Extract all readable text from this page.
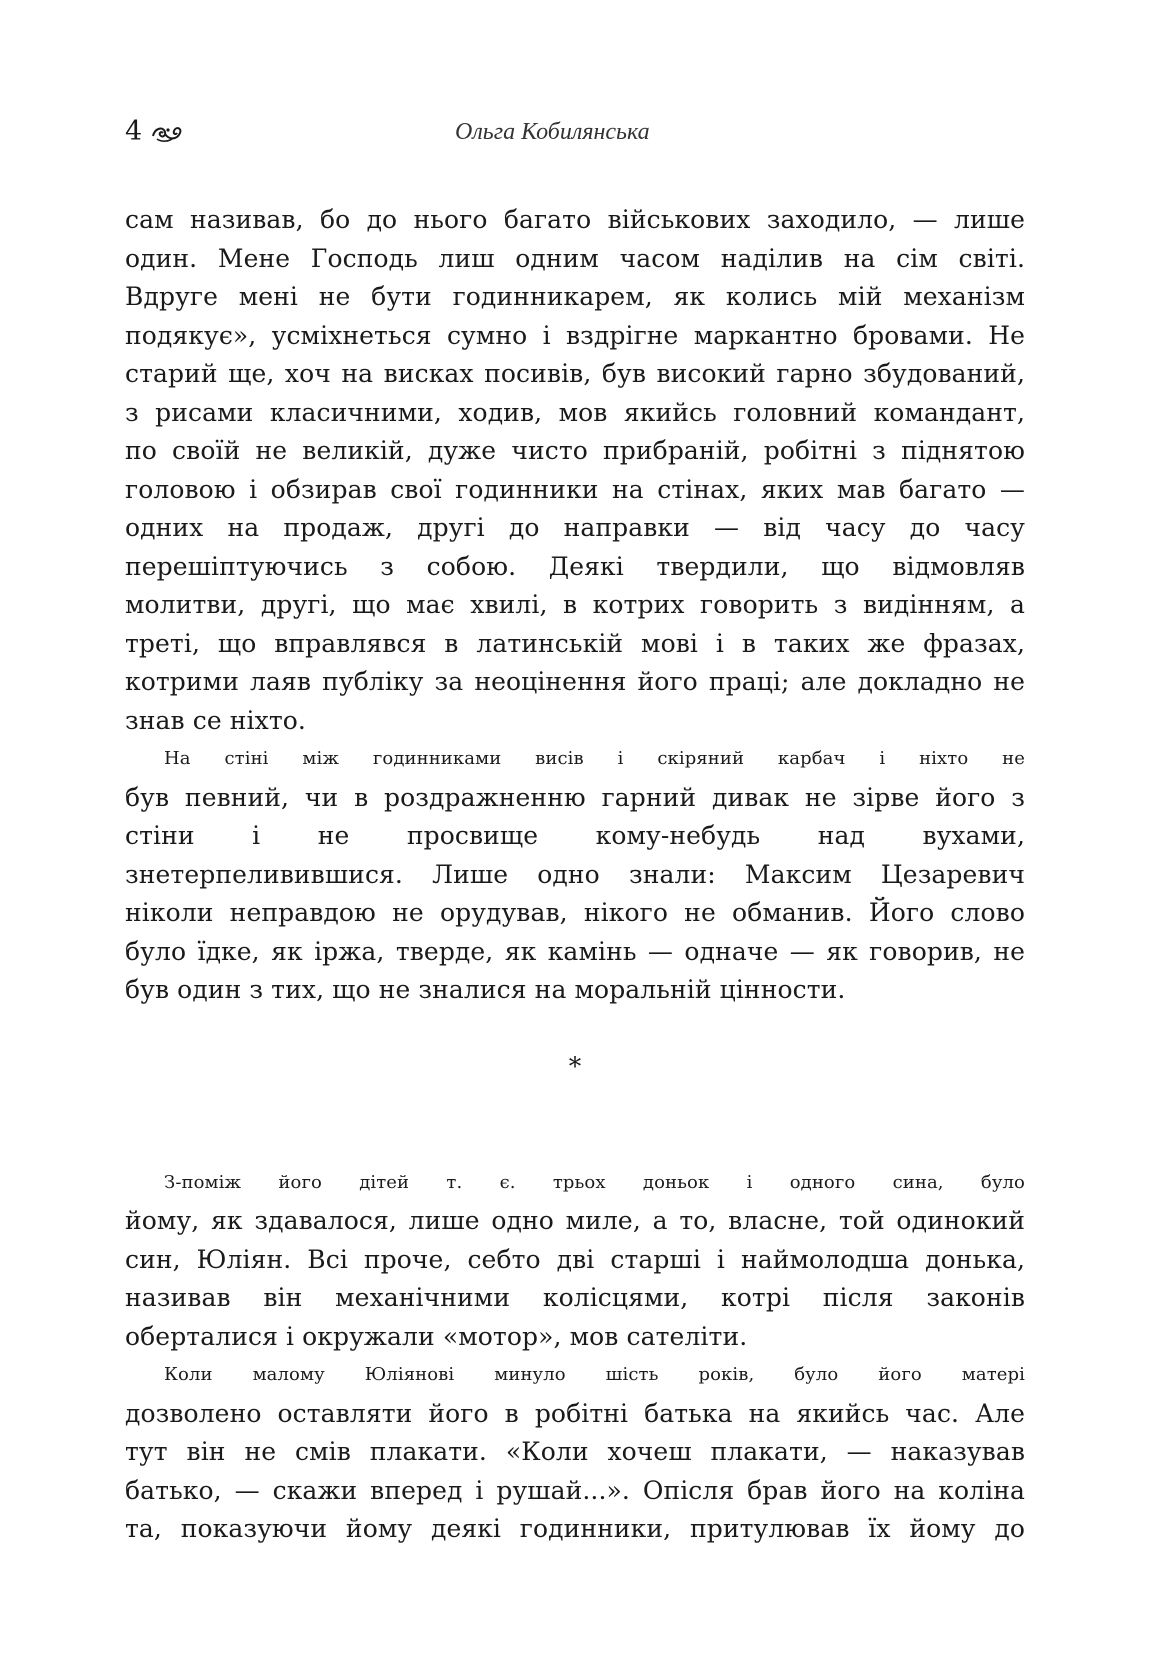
4	Ольга Кобилянська
сам називав, бо до нього багато військових заходило, — лише
один. Мене Господь лиш одним часом наділив на сім світі.
Вдруге мені не бути годинникарем, як колись мій механізм
подякує», усміхнеться сумно і вздрігне маркантно бровами. Не
старий ще, хоч на висках посивів, був високий гарно збудований,
з рисами класичними, ходив, мов якийсь головний командант,
по своїй не великій, дуже чисто прибраній, робітні з піднятою
головою і обзирав свої годинники на стінах, яких мав багато —
одних на продаж, другі до направки — від часу до часу
перешіптуючись з собою. Деякі твердили, що відмовляв
молитви, другі, що має хвилі, в котрих говорить з видінням, а
треті, що вправлявся в латинській мові і в таких же фразах,
котрими лаяв публіку за неоцінення його праці; але докладно не
знав се ніхто.
На стіні між годинниками висів і скіряний карбач і ніхто не
був певний, чи в роздражненню гарний дивак не зірве його з
стіни і не просвище кому-небудь над вухами,
знетерпеливившися. Лише одно знали: Максим Цезаревич
ніколи неправдою не орудував, нікого не обманив. Його слово
було їдке, як іржа, тверде, як камінь — одначе — як говорив, не
був один з тих, що не зналися на моральній цінности.
*
З-поміж його дітей т. є. трьох доньок і одного сина, було
йому, як здавалося, лише одно миле, а то, власне, той одинокий
син, Юліян. Всі проче, себто дві старші і наймолодша донька,
називав він механічними колісцями, котрі після законів
оберталися і окружали «мотор», мов сателіти.
Коли малому Юліянові минуло шість років, було його матері
дозволено оставляти його в робітні батька на якийсь час. Але
тут він не смів плакати. «Коли хочеш плакати, — наказував
батько, — скажи вперед і рушай...». Опісля брав його на коліна
та, показуючи йому деякі годинники, притулював їх йому до
